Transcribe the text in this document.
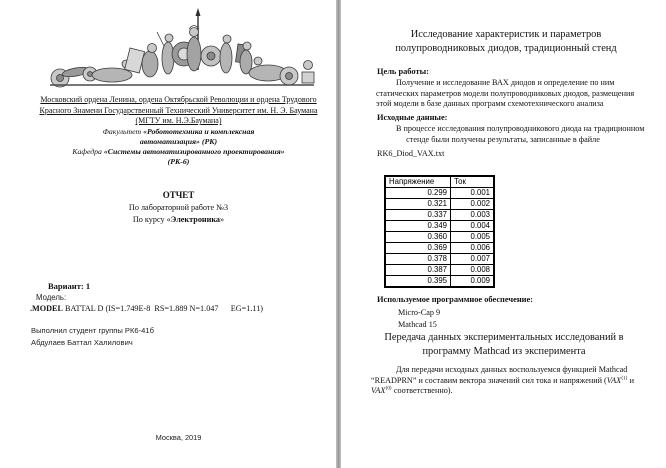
Московский ордена Ленина, ордена Октябрьской Революции и ордена Трудового
Красного Знамени Государственный Технический Университет им. Н. Э. Баумана
(МГТУ им. Н.Э.Баумана)
Факультет «Робототехника и комплексная
автоматизация» (РК)
Кафедра «Системы автоматизированного проектирования»
(РК-6)
ОТЧЕТ
По лабораторной работе №3
По курсу «Электроника»
Вариант: 1
Модель:
.MODEL BATTAL D (IS=1.749E-8  RS=1.889 N=1.047      EG=1.11)
Выполнил студент группы РК6-41б
Абдулаев Баттал Халилович
Москва, 2019
Исследование характеристик и параметров
полупроводниковых диодов, традиционный стенд
Цель работы:
Получение и исследование ВАХ диодов и определение по ним
статических параметров модели полупроводниковых диодов, размещения
этой модели в базе данных программ схемотехнического анализа
Исходные данные:
В процессе исследования полупроводникового диода на традиционном
стенде были получены результаты, записанные в файле
RK6_Diod_VAX.txt
Напряжение	Ток
0.299	0.001
0.321	0.002
0.337	0.003
0.349	0.004
0.360	0.005
0.369	0.006
0.378	0.007
0.387	0.008
0.395	0.009
Используемое программное обеспечение:
Micro-Cap 9
Mathcad 15
Передача данных экспериментальных исследований в
программу Mathcad из эксперимента
Для передачи исходных данных воспользуемся функцией Mathcad
“READPRN” и составим вектора значений сил тока и напряжений ($VAX^{⟨1⟩}$ и
$VAX^{⟨0⟩}$ соответственно).
